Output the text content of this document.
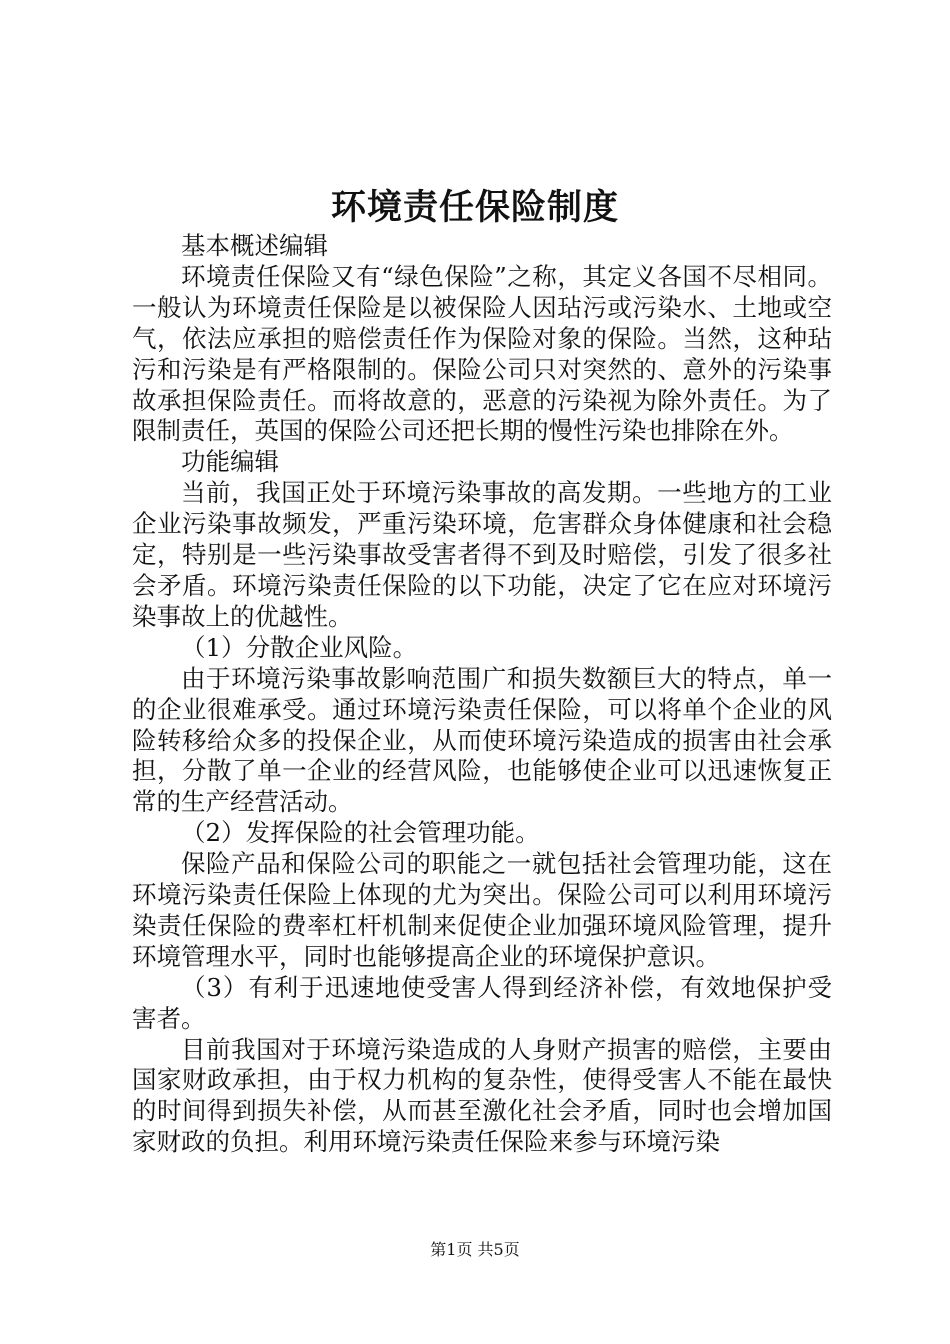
环境责任保险制度

基本概述编辑

环境责任保险又有“绿色保险”之称，其定义各国不尽相同。一般认为环境责任保险是以被保险人因玷污或污染水、土地或空气，依法应承担的赔偿责任作为保险对象的保险。当然，这种玷污和污染是有严格限制的。保险公司只对突然的、意外的污染事故承担保险责任。而将故意的，恶意的污染视为除外责任。为了限制责任，英国的保险公司还把长期的慢性污染也排除在外。

功能编辑

当前，我国正处于环境污染事故的高发期。一些地方的工业企业污染事故频发，严重污染环境，危害群众身体健康和社会稳定，特别是一些污染事故受害者得不到及时赔偿，引发了很多社会矛盾。环境污染责任保险的以下功能，决定了它在应对环境污染事故上的优越性。

（1）分散企业风险。

由于环境污染事故影响范围广和损失数额巨大的特点，单一的企业很难承受。通过环境污染责任保险，可以将单个企业的风险转移给众多的投保企业，从而使环境污染造成的损害由社会承担，分散了单一企业的经营风险，也能够使企业可以迅速恢复正常的生产经营活动。

（2）发挥保险的社会管理功能。

保险产品和保险公司的职能之一就包括社会管理功能，这在环境污染责任保险上体现的尤为突出。保险公司可以利用环境污染责任保险的费率杠杆机制来促使企业加强环境风险管理，提升环境管理水平，同时也能够提高企业的环境保护意识。

（3）有利于迅速地使受害人得到经济补偿，有效地保护受害者。

目前我国对于环境污染造成的人身财产损害的赔偿，主要由国家财政承担，由于权力机构的复杂性，使得受害人不能在最快的时间得到损失补偿，从而甚至激化社会矛盾，同时也会增加国家财政的负担。利用环境污染责任保险来参与环境污染

第1页 共5页
